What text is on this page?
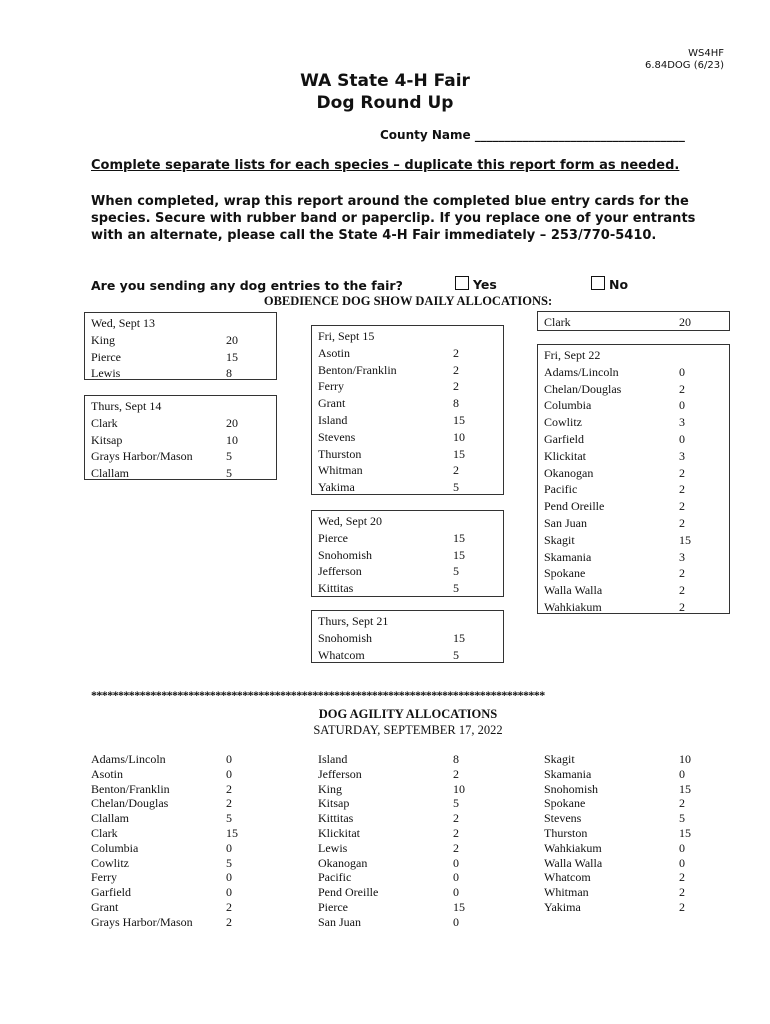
WS4HF
6.84DOG (6/23)
WA State 4-H Fair
Dog Round Up
County Name ___________________________________
Complete separate lists for each species – duplicate this report form as needed.
When completed, wrap this report around the completed blue entry cards for the species. Secure with rubber band or paperclip. If you replace one of your entrants with an alternate, please call the State 4-H Fair immediately – 253/770-5410.
Are you sending any dog entries to the fair?	Yes	No
OBEDIENCE DOG SHOW DAILY ALLOCATIONS:
Wed, Sept 13
King	20
Pierce	15
Lewis	8
Thurs, Sept 14
Clark	20
Kitsap	10
Grays Harbor/Mason	5
Clallam	5
Fri, Sept 15
Asotin	2
Benton/Franklin	2
Ferry	2
Grant	8
Island	15
Stevens	10
Thurston	15
Whitman	2
Yakima	5
Wed, Sept 20
Pierce	15
Snohomish	15
Jefferson	5
Kittitas	5
Thurs, Sept 21
Snohomish	15
Whatcom	5
Clark	20
Fri, Sept 22
Adams/Lincoln	0
Chelan/Douglas	2
Columbia	0
Cowlitz	3
Garfield	0
Klickitat	3
Okanogan	2
Pacific	2
Pend Oreille	2
San Juan	2
Skagit	15
Skamania	3
Spokane	2
Walla Walla	2
Wahkiakum	2
************************************************************************************
DOG AGILITY ALLOCATIONS
SATURDAY, SEPTEMBER 17, 2022
Adams/Lincoln	0
Asotin	0
Benton/Franklin	2
Chelan/Douglas	2
Clallam	5
Clark	15
Columbia	0
Cowlitz	5
Ferry	0
Garfield	0
Grant	2
Grays Harbor/Mason	2
Island	8
Jefferson	2
King	10
Kitsap	5
Kittitas	2
Klickitat	2
Lewis	2
Okanogan	0
Pacific	0
Pend Oreille	0
Pierce	15
San Juan	0
Skagit	10
Skamania	0
Snohomish	15
Spokane	2
Stevens	5
Thurston	15
Wahkiakum	0
Walla Walla	0
Whatcom	2
Whitman	2
Yakima	2
